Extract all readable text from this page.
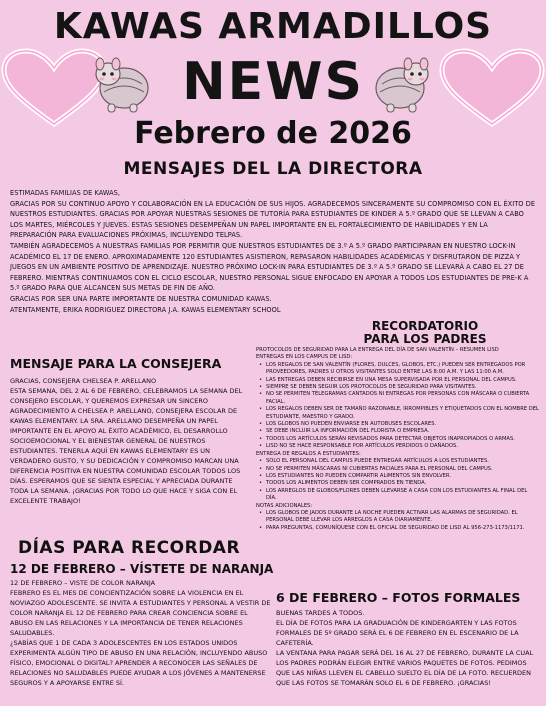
KAWAS ARMADILLOS
NEWS
Febrero de 2026
MENSAJES DEL LA DIRECTORA

ESTIMADAS FAMILIAS DE KAWAS,

GRACIAS POR SU CONTINUO APOYO Y COLABORACIÓN EN LA EDUCACIÓN DE SUS HIJOS. AGRADECEMOS SINCERAMENTE SU COMPROMISO CON EL ÉXITO DE NUESTROS ESTUDIANTES. GRACIAS POR APOYAR NUESTRAS SESIONES DE TUTORÍA PARA ESTUDIANTES DE KINDER A 5.º GRADO QUE SE LLEVAN A CABO LOS MARTES, MIÉRCOLES Y JUEVES. ESTAS SESIONES DESEMPEÑAN UN PAPEL IMPORTANTE EN EL FORTALECIMIENTO DE HABILIDADES Y EN LA PREPARACIÓN PARA EVALUACIONES PRÓXIMAS, INCLUYENDO TELPAS.

TAMBIÉN AGRADECEMOS A NUESTRAS FAMILIAS POR PERMITIR QUE NUESTROS ESTUDIANTES DE 3.º A 5.º GRADO PARTICIPARAN EN NUESTRO LOCK-IN ACADÉMICO EL 17 DE ENERO. APROXIMADAMENTE 120 ESTUDIANTES ASISTIERON, REPASARON HABILIDADES ACADÉMICAS Y DISFRUTARON DE PIZZA Y JUEGOS EN UN AMBIENTE POSITIVO DE APRENDIZAJE. NUESTRO PRÓXIMO LOCK-IN PARA ESTUDIANTES DE 3.º A 5.º GRADO SE LLEVARÁ A CABO EL 27 DE FEBRERO. MIENTRAS CONTINUAMOS CON EL CICLO ESCOLAR, NUESTRO PERSONAL SIGUE ENFOCADO EN APOYAR A TODOS LOS ESTUDIANTES DE PRE-K A 5.º GRADO PARA QUE ALCANCEN SUS METAS DE FIN DE AÑO.

GRACIAS POR SER UNA PARTE IMPORTANTE DE NUESTRA COMUNIDAD KAWAS.

ATENTAMENTE, ERIKA RODRIGUEZ DIRECTORA J.A. KAWAS ELEMENTARY SCHOOL

RECORDATORIO
PARA LOS PADRES
PROTOCOLOS DE SEGURIDAD PARA LA ENTREGA DEL DÍA DE SAN VALENTÍN – RESUMEN LISD
ENTREGAS EN LOS CAMPUS DE LISD:
• LOS REGALOS DE SAN VALENTÍN (FLORES, DULCES, GLOBOS, ETC.) PUEDEN SER ENTREGADOS POR PROVEEDORES, PADRES U OTROS VISITANTES SOLO ENTRE LAS 8:00 A.M. Y LAS 11:00 A.M.
• LAS ENTREGAS DEBEN RECIBIRSE EN UNA MESA SUPERVISADA POR EL PERSONAL DEL CAMPUS.
• SIEMPRE SE DEBEN SEGUIR LOS PROTOCOLOS DE SEGURIDAD PARA VISITANTES.
• NO SE PERMITEN TELEGRAMAS CANTADOS NI ENTREGAS POR PERSONAS CON MÁSCARA O CUBIERTA FACIAL.
• LOS REGALOS DEBEN SER DE TAMAÑO RAZONABLE, IRROMPIBLES Y ETIQUETADOS CON EL NOMBRE DEL ESTUDIANTE, MAESTRO Y GRADO.
• LOS GLOBOS NO PUEDEN ENVIARSE EN AUTOBUSES ESCOLARES.
• SE DEBE INCLUIR LA INFORMACIÓN DEL FLORISTA O EMPRESA.
• TODOS LOS ARTÍCULOS SERÁN REVISADOS PARA DETECTAR OBJETOS INAPROPIADOS O ARMAS.
• LISD NO SE HACE RESPONSABLE POR ARTÍCULOS PERDIDOS O DAÑADOS.
ENTREGA DE REGALOS A ESTUDIANTES:
• SOLO EL PERSONAL DEL CAMPUS PUEDE ENTREGAR ARTÍCULOS A LOS ESTUDIANTES.
• NO SE PERMITEN MÁSCARAS NI CUBIERTAS FACIALES PARA EL PERSONAL DEL CAMPUS.
• LOS ESTUDIANTES NO PUEDEN COMPARTIR ALIMENTOS SIN ENVOLVER.
• TODOS LOS ALIMENTOS DEBEN SER COMPRADOS EN TIENDA.
• LOS ARREGLOS DE GLOBOS/FLORES DEBEN LLEVARSE A CASA CON LOS ESTUDIANTES AL FINAL DEL DÍA.
NOTAS ADICIONALES:
• LOS GLOBOS DE JADOS DURANTE LA NOCHE PUEDEN ACTIVAR LAS ALARMAS DE SEGURIDAD. EL PERSONAL DEBE LLEVAR LOS ARREGLOS A CASA DIARIAMENTE.
• PARA PREGUNTAS, COMUNÍQUESE CON EL OFICIAL DE SEGURIDAD DE LISD AL 956-273-1173/1171.
MENSAJE PARA LA CONSEJERA

GRACIAS, CONSEJERA CHELSEA P. ARELLANO

ESTA SEMANA, DEL 2 AL 6 DE FEBRERO, CELEBRAMOS LA SEMANA DEL CONSEJERO ESCOLAR, Y QUEREMOS EXPRESAR UN SINCERO AGRADECIMIENTO A CHELSEA P. ARELLANO, CONSEJERA ESCOLAR DE KAWAS ELEMENTARY. LA SRA. ARELLANO DESEMPEÑA UN PAPEL IMPORTANTE EN EL APOYO AL ÉXITO ACADÉMICO, EL DESARROLLO SOCIOEMOCIONAL Y EL BIENESTAR GENERAL DE NUESTROS ESTUDIANTES. TENERLA AQUÍ EN KAWAS ELEMENTARY ES UN VERDADERO GUSTO, Y SU DEDICACIÓN Y COMPROMISO MARCAN UNA DIFERENCIA POSITIVA EN NUESTRA COMUNIDAD ESCOLAR TODOS LOS DÍAS. ESPERAMOS QUE SE SIENTA ESPECIAL Y APRECIADA DURANTE TODA LA SEMANA. ¡GRACIAS POR TODO LO QUE HACE Y SIGA CON EL EXCELENTE TRABAJO!

DÍAS PARA RECORDAR
12 DE FEBRERO – VÍSTETE DE NARANJA

12 DE FEBRERO – VISTE DE COLOR NARANJA

FEBRERO ES EL MES DE CONCIENTIZACIÓN SOBRE LA VIOLENCIA EN EL NOVIAZGO ADOLESCENTE. SE INVITA A ESTUDIANTES Y PERSONAL A VESTIR DE COLOR NARANJA EL 12 DE FEBRERO PARA CREAR CONCIENCIA SOBRE EL ABUSO EN LAS RELACIONES Y LA IMPORTANCIA DE TENER RELACIONES SALUDABLES.

¿SABÍAS QUE 1 DE CADA 3 ADOLESCENTES EN LOS ESTADOS UNIDOS EXPERIMENTA ALGÚN TIPO DE ABUSO EN UNA RELACIÓN, INCLUYENDO ABUSO FÍSICO, EMOCIONAL O DIGITAL? APRENDER A RECONOCER LAS SEÑALES DE RELACIONES NO SALUDABLES PUEDE AYUDAR A LOS JÓVENES A MANTENERSE SEGUROS Y A APOYARSE ENTRE SÍ.

6 DE FEBRERO – FOTOS FORMALES

BUENAS TARDES A TODOS.

EL DÍA DE FOTOS PARA LA GRADUACIÓN DE KINDERGARTEN Y LAS FOTOS FORMALES DE 5º GRADO SERÁ EL 6 DE FEBRERO EN EL ESCENARIO DE LA CAFETERÍA.

LA VENTANA PARA PAGAR SERÁ DEL 16 AL 27 DE FEBRERO, DURANTE LA CUAL LOS PADRES PODRÁN ELEGIR ENTRE VARIOS PAQUETES DE FOTOS. PEDIMOS QUE LAS NIÑAS LLEVEN EL CABELLO SUELTO EL DÍA DE LA FOTO. RECUERDEN QUE LAS FOTOS SE TOMARÁN SOLO EL 6 DE FEBRERO. ¡GRACIAS!
